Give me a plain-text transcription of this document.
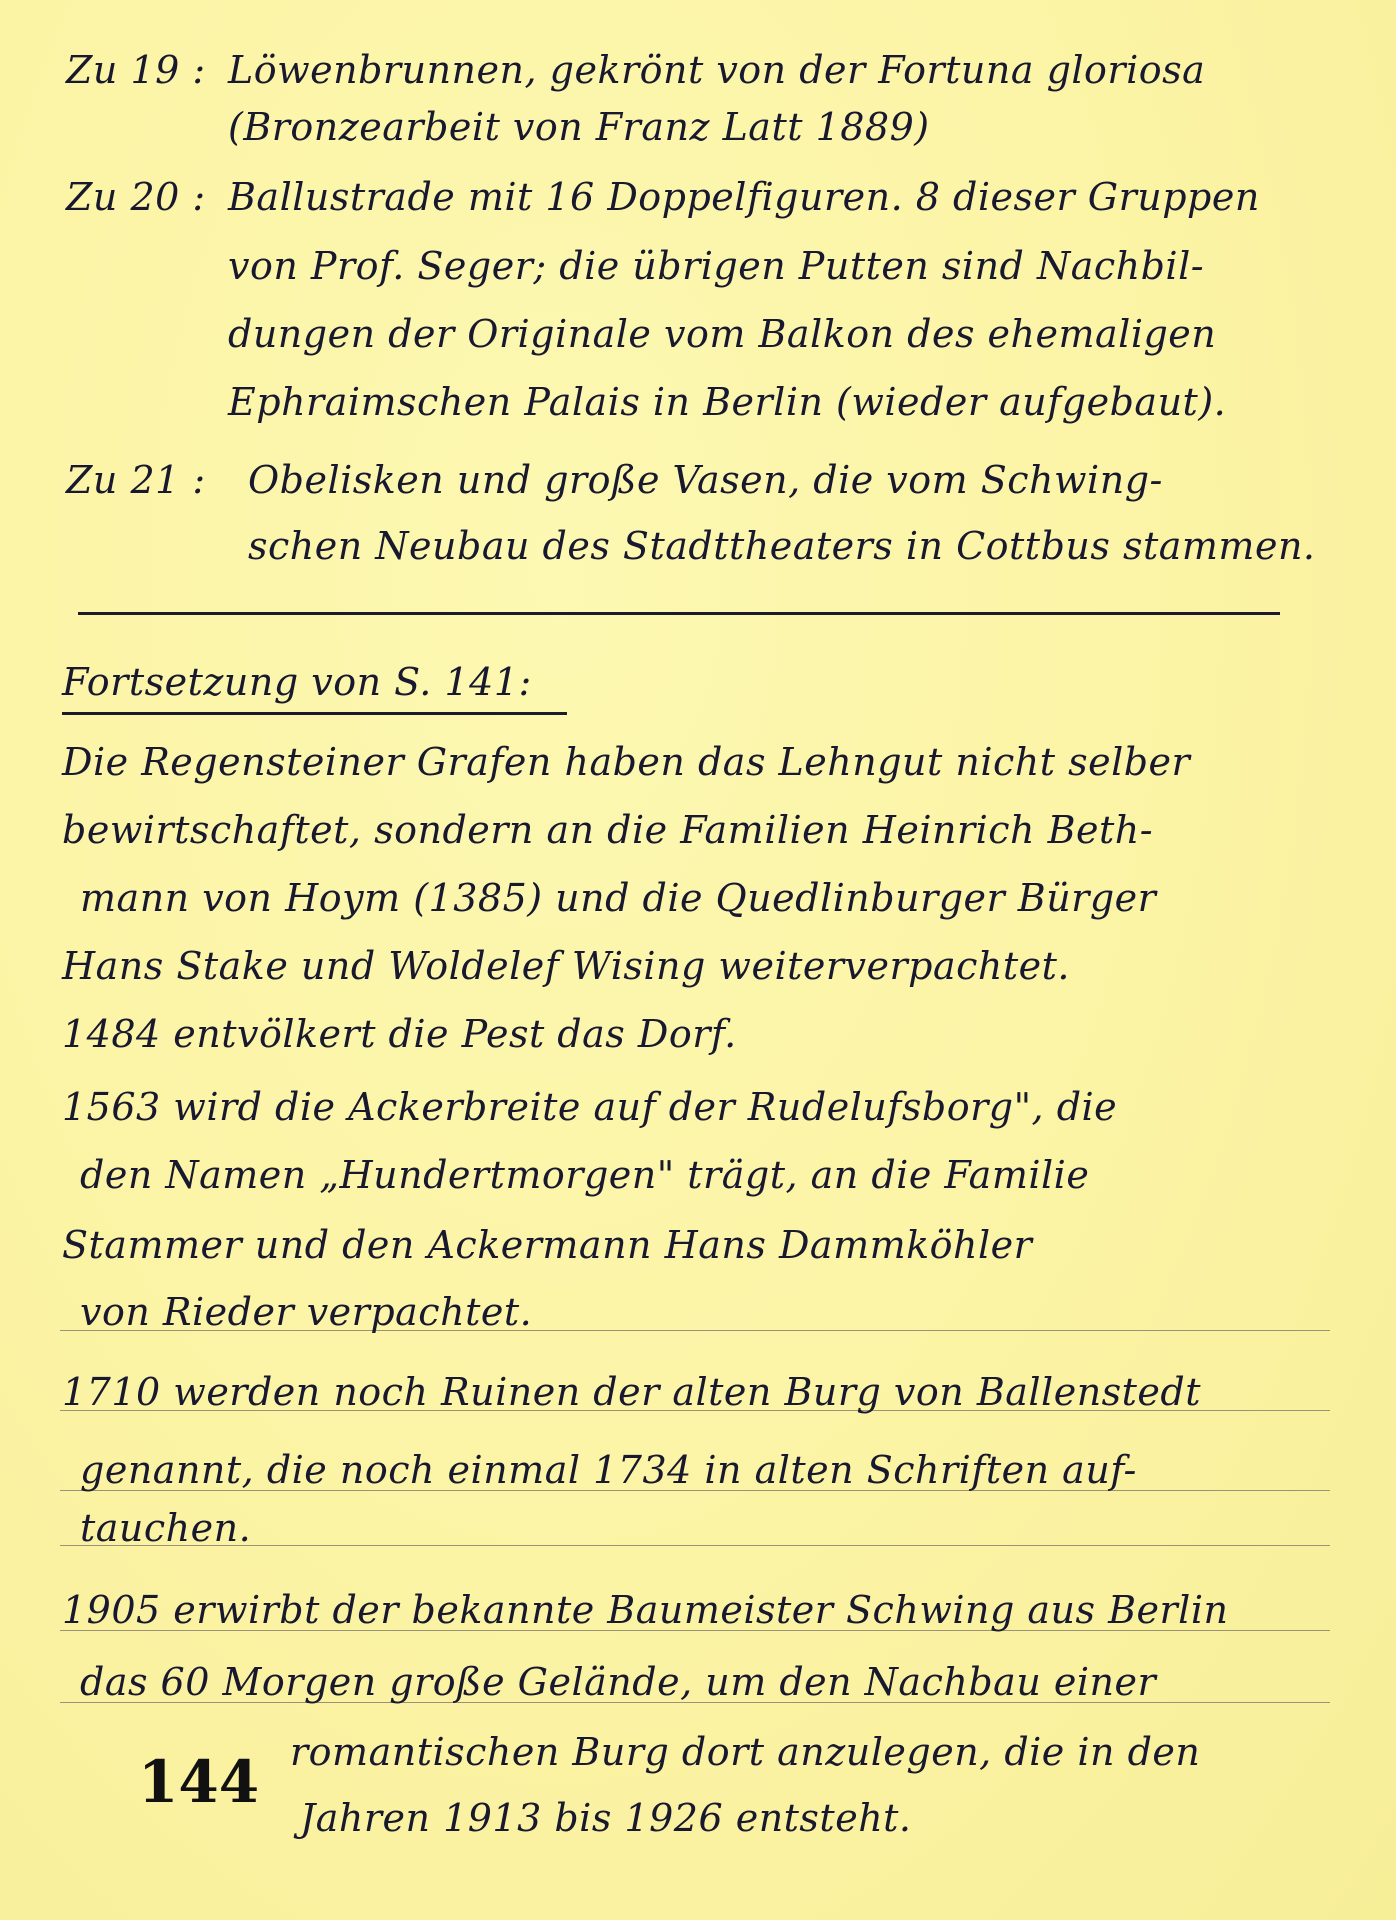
Zu 19 : Löwenbrunnen, gekrönt von der Fortuna gloriosa
(Bronzearbeit von Franz Latt 1889)
Zu 20 : Ballustrade mit 16 Doppelfiguren. 8 dieser Gruppen
von Prof. Seger; die übrigen Putten sind Nachbil-
dungen der Originale vom Balkon des ehemaligen
Ephraimschen Palais in Berlin (wieder aufgebaut).
Zu 21 : Obelisken und große Vasen, die vom Schwing-
schen Neubau des Stadttheaters in Cottbus stammen.
Fortsetzung von S. 141:
Die Regensteiner Grafen haben das Lehngut nicht selber
bewirtschaftet, sondern an die Familien Heinrich Beth-
mann von Hoym (1385) und die Quedlinburger Bürger
Hans Stake und Woldelef Wising weiterverpachtet.
1484 entvölkert die Pest das Dorf.
1563 wird die Ackerbreite auf der Rudelufsborg", die
den Namen „Hundertmorgen" trägt, an die Familie
Stammer und den Ackermann Hans Dammköhler
von Rieder verpachtet.
1710 werden noch Ruinen der alten Burg von Ballenstedt
genannt, die noch einmal 1734 in alten Schriften auf-
tauchen.
1905 erwirbt der bekannte Baumeister Schwing aus Berlin
das 60 Morgen große Gelände, um den Nachbau einer
romantischen Burg dort anzulegen, die in den
Jahren 1913 bis 1926 entsteht.
144
